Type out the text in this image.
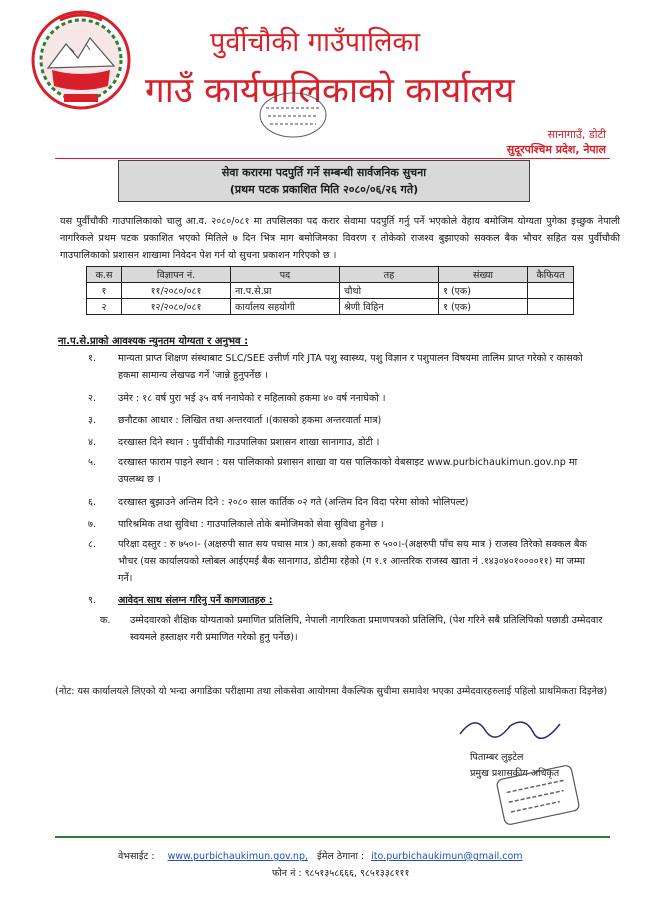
पुर्वीचौकी गाउँपालिका
गाउँ कार्यपालिकाको कार्यालय
सानागाउँ, डोटी
सुदूरपश्चिम प्रदेश, नेपाल
सेवा करारमा पदपुर्ति गर्ने सम्बन्धी सार्वजनिक सुचना
(प्रथम पटक प्रकाशित मिति २०८०/०६/२६ गते)
यस पुर्वीचौकी गाउपालिकाको चालु आ.व. २०८०/०८१ मा तपसिलका पद करार सेवामा पदपुर्ति गर्नु पर्ने भएकोले वेहाय बमोजिम योग्यता पुगेका इच्छुक नेपाली नागरिकले प्रथम पटक प्रकाशित भएको मितिले ७ दिन भित्र माग बमोजिमका विवरण र तोकेको राजश्व बुझाएको सक्कल बैक भौचर सहित यस पुर्वीचौकी गाउपालिकाको प्रशासन शाखामा निवेदन पेश गर्न यो सुचना प्रकाशन गरिएको छ ।
क.स	विज्ञापन नं.	पद	तह	संख्या	कैफियत
१	११/२०८०/०८१	ना.प.से.प्रा	चौथो	१ (एक)	
२	१२/२०८०/०८१	कार्यालय सहयोगी	श्रेणी विहिन	१ (एक)	
ना.प.से.प्राको आवश्यक न्युनतम योग्यता र अनुभव :
१. मान्यता प्राप्त शिक्षण संस्थाबाट SLC/SEE उत्तीर्ण गरि JTA पशु स्वास्थ्य, पशु विज्ञान र पशुपालन विषयमा तालिम प्राप्त गरेको र कासको हकमा सामान्य लेखपढ गर्ने 'जान्ने हुनुपर्नेछ ।
२. उमेर : १८ वर्ष पुरा भई ३५ वर्ष ननाघेको र महिलाको हकमा ४० वर्ष ननाघेको ।
३. छनौटका आधार : लिखित तथा अन्तरवार्ता ।(कासको हकमा अन्तरवार्ता मात्र)
४. दरखास्त दिने स्थान : पुर्वीचौकी गाउपालिका प्रशासन शाखा सानागाउ, डोटी ।
५. दरखास्त फाराम पाइने स्थान : यस पालिकाको प्रशासन शाखा वा यस पालिकाको वेबसाइट www.purbichaukimun.gov.np मा उपलब्ध छ ।
६. दरखास्त बुझाउने अन्तिम दिने : २०८० साल कार्तिक ०२ गते (अन्तिम दिन विदा परेमा सोको भोलिपल्ट)
७. पारिश्रमिक तथा सुविधा : गाउपालिकाले तोके बमोजिमको सेवा सुविधा हुनेछ ।
८. परिक्षा दस्तुर : रु ७५०।- (अक्षरुपी सात सय पचास मात्र ) का,सको हकमा रु ५००।-(अक्षरुपी पाँच सय मात्र ) राजस्व तिरेको सक्कल बैक भौचर (यस कार्यालयको ग्लोबल आईएमई बैक सानागाउ, डोटीमा रहेको (ग १.१ आन्तरिक राजस्व खाता नं .१४३०४०१००००११) मा जम्मा गर्ने।
९. आवेदन साथ संलग्न गरिनु पर्ने कागजातहरु :
क. उम्मेदवारको शैक्षिक योग्यताको प्रमाणित प्रतिलिपि, नेपाली नागरिकता प्रमाणपत्रको प्रतिलिपि, (पेश गरिने सबै प्रतिलिपिको पछाडी उम्मेदवार स्वयमले हस्ताक्षर गरी प्रमाणित गरेको हुनु पर्नेछ)।
(नोट: यस कार्यालयले लिएको यो भन्दा अगाडिका परीक्षामा तथा लोकसेवा आयोगमा वैकल्पिक सुचीमा समावेश भएका उम्मेदवारहरुलाई पहिलो प्राथमिकता दिइनेछ)
पिताम्बर लुइटेल
प्रमुख प्रशासकीय अधिकृत
वेभसाईट : www.purbichaukimun.gov.np, ईमेल ठेगाना : ito.purbichaukimun@gmail.com
फोन नं : ९८५१३५८६६६, ९८५१३३८१११
